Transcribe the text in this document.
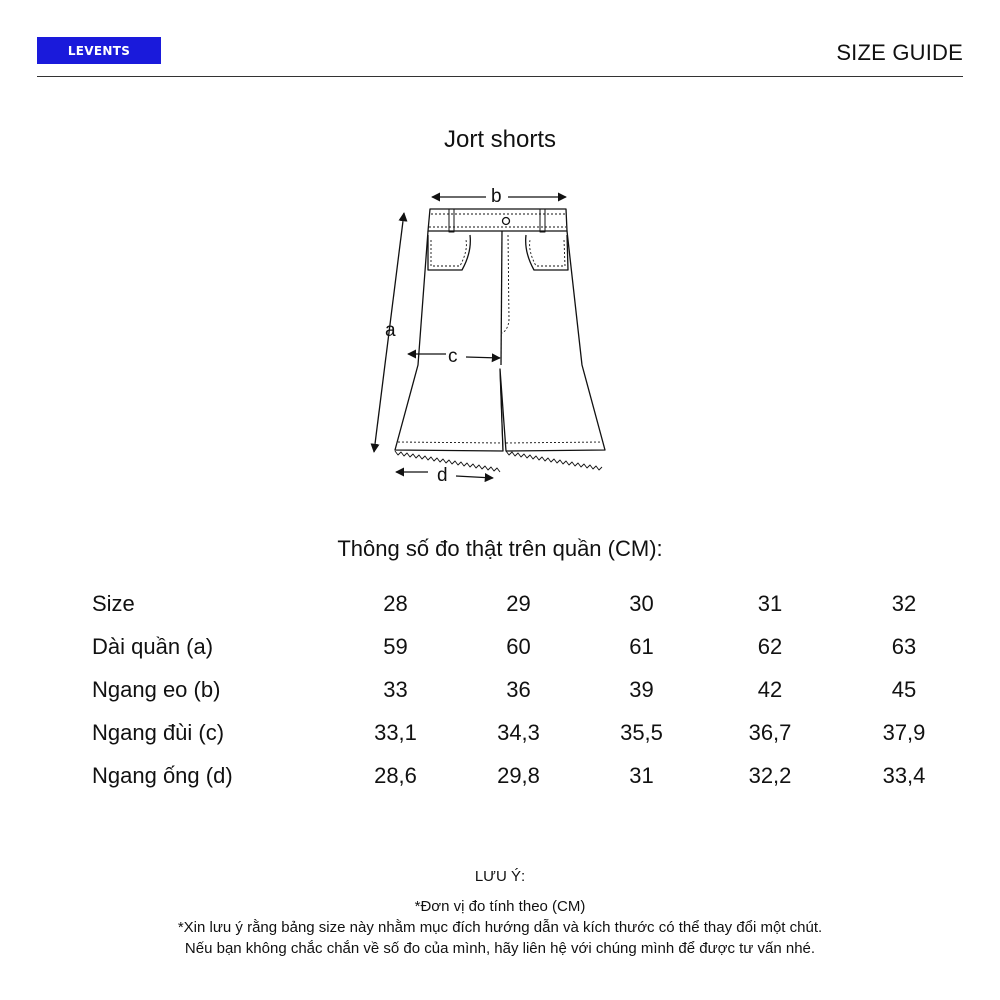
LEVENTS	SIZE GUIDE
Jort shorts
a
b
c
d
Thông số đo thật trên quần (CM):
Size	28	29	30	31	32
Dài quần (a)	59	60	61	62	63
Ngang eo (b)	33	36	39	42	45
Ngang đùi (c)	33,1	34,3	35,5	36,7	37,9
Ngang ống (d)	28,6	29,8	31	32,2	33,4
LƯU Ý:
*Đơn vị đo tính theo (CM)
*Xin lưu ý rằng bảng size này nhằm mục đích hướng dẫn và kích thước có thể thay đổi một chút.
Nếu bạn không chắc chắn về số đo của mình, hãy liên hệ với chúng mình để được tư vấn nhé.
